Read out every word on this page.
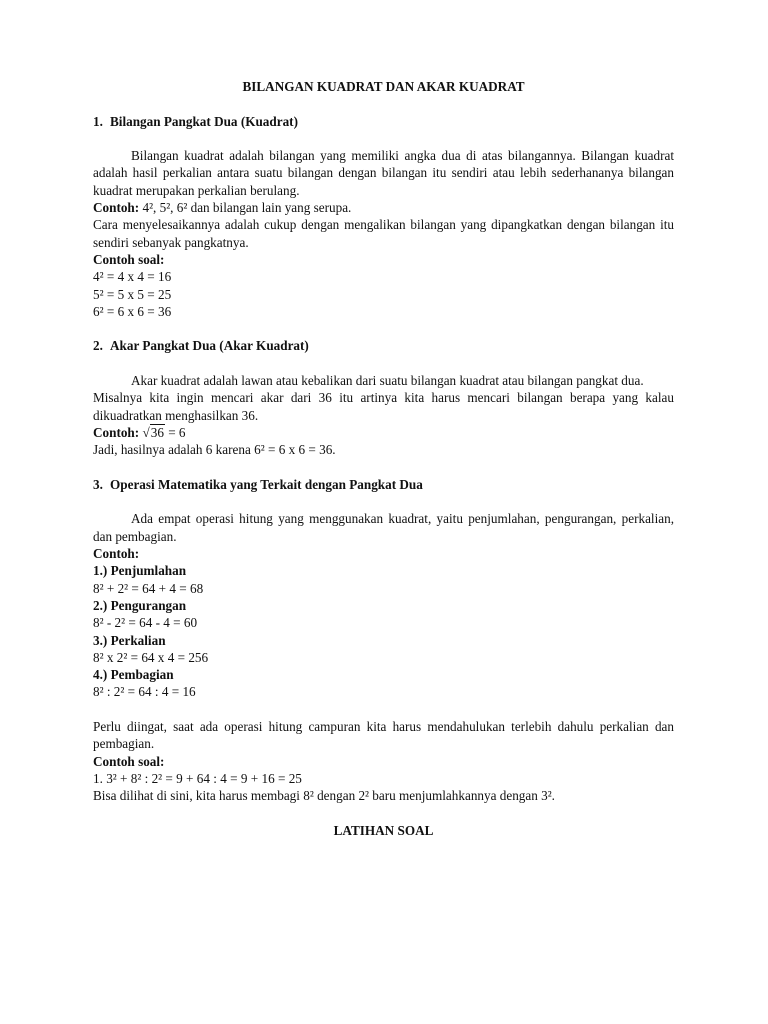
BILANGAN KUADRAT DAN AKAR KUADRAT

1. Bilangan Pangkat Dua (Kuadrat)

Bilangan kuadrat adalah bilangan yang memiliki angka dua di atas bilangannya. Bilangan kuadrat adalah hasil perkalian antara suatu bilangan dengan bilangan itu sendiri atau lebih sederhananya bilangan kuadrat merupakan perkalian berulang.

Contoh: 4², 5², 6² dan bilangan lain yang serupa.

Cara menyelesaikannya adalah cukup dengan mengalikan bilangan yang dipangkatkan dengan bilangan itu sendiri sebanyak pangkatnya.

Contoh soal:

4² = 4 x 4 = 16

5² = 5 x 5 = 25

6² = 6 x 6 = 36

2. Akar Pangkat Dua (Akar Kuadrat)

Akar kuadrat adalah lawan atau kebalikan dari suatu bilangan kuadrat atau bilangan pangkat dua.

Misalnya kita ingin mencari akar dari 36 itu artinya kita harus mencari bilangan berapa yang kalau dikuadratkan menghasilkan 36.

Contoh: √36 = 6

Jadi, hasilnya adalah 6 karena 6² = 6 x 6 = 36.

3. Operasi Matematika yang Terkait dengan Pangkat Dua

Ada empat operasi hitung yang menggunakan kuadrat, yaitu penjumlahan, pengurangan, perkalian, dan pembagian.

Contoh:

1.) Penjumlahan

8² + 2² = 64 + 4 = 68

2.) Pengurangan

8² - 2² = 64 - 4 = 60

3.) Perkalian

8² x 2² = 64 x 4 = 256

4.) Pembagian

8² : 2² = 64 : 4 = 16

Perlu diingat, saat ada operasi hitung campuran kita harus mendahulukan terlebih dahulu perkalian dan pembagian.

Contoh soal:

1. 3² + 8² : 2² = 9 + 64 : 4 = 9 + 16 = 25

Bisa dilihat di sini, kita harus membagi 8² dengan 2² baru menjumlahkannya dengan 3².

LATIHAN SOAL
